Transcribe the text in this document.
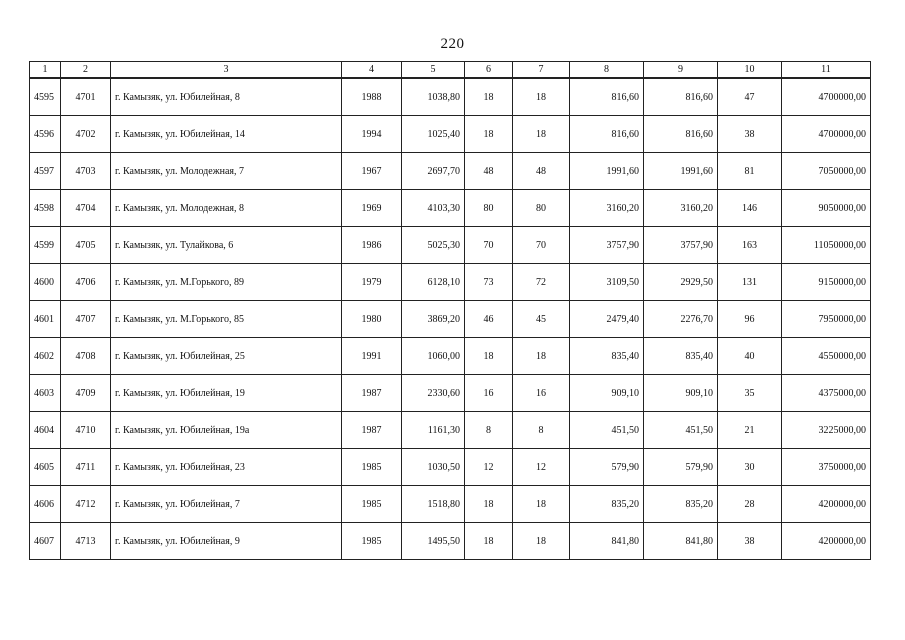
220
1	2	3	4	5	6	7	8	9	10	11
4595	4701	г. Камызяк, ул. Юбилейная, 8	1988	1038,80	18	18	816,60	816,60	47	4700000,00
4596	4702	г. Камызяк, ул. Юбилейная, 14	1994	1025,40	18	18	816,60	816,60	38	4700000,00
4597	4703	г. Камызяк, ул. Молодежная, 7	1967	2697,70	48	48	1991,60	1991,60	81	7050000,00
4598	4704	г. Камызяк, ул. Молодежная, 8	1969	4103,30	80	80	3160,20	3160,20	146	9050000,00
4599	4705	г. Камызяк, ул. Тулайкова, 6	1986	5025,30	70	70	3757,90	3757,90	163	11050000,00
4600	4706	г. Камызяк, ул. М.Горького, 89	1979	6128,10	73	72	3109,50	2929,50	131	9150000,00
4601	4707	г. Камызяк, ул. М.Горького, 85	1980	3869,20	46	45	2479,40	2276,70	96	7950000,00
4602	4708	г. Камызяк, ул. Юбилейная, 25	1991	1060,00	18	18	835,40	835,40	40	4550000,00
4603	4709	г. Камызяк, ул. Юбилейная, 19	1987	2330,60	16	16	909,10	909,10	35	4375000,00
4604	4710	г. Камызяк, ул. Юбилейная, 19а	1987	1161,30	8	8	451,50	451,50	21	3225000,00
4605	4711	г. Камызяк, ул. Юбилейная, 23	1985	1030,50	12	12	579,90	579,90	30	3750000,00
4606	4712	г. Камызяк, ул. Юбилейная, 7	1985	1518,80	18	18	835,20	835,20	28	4200000,00
4607	4713	г. Камызяк, ул. Юбилейная, 9	1985	1495,50	18	18	841,80	841,80	38	4200000,00
